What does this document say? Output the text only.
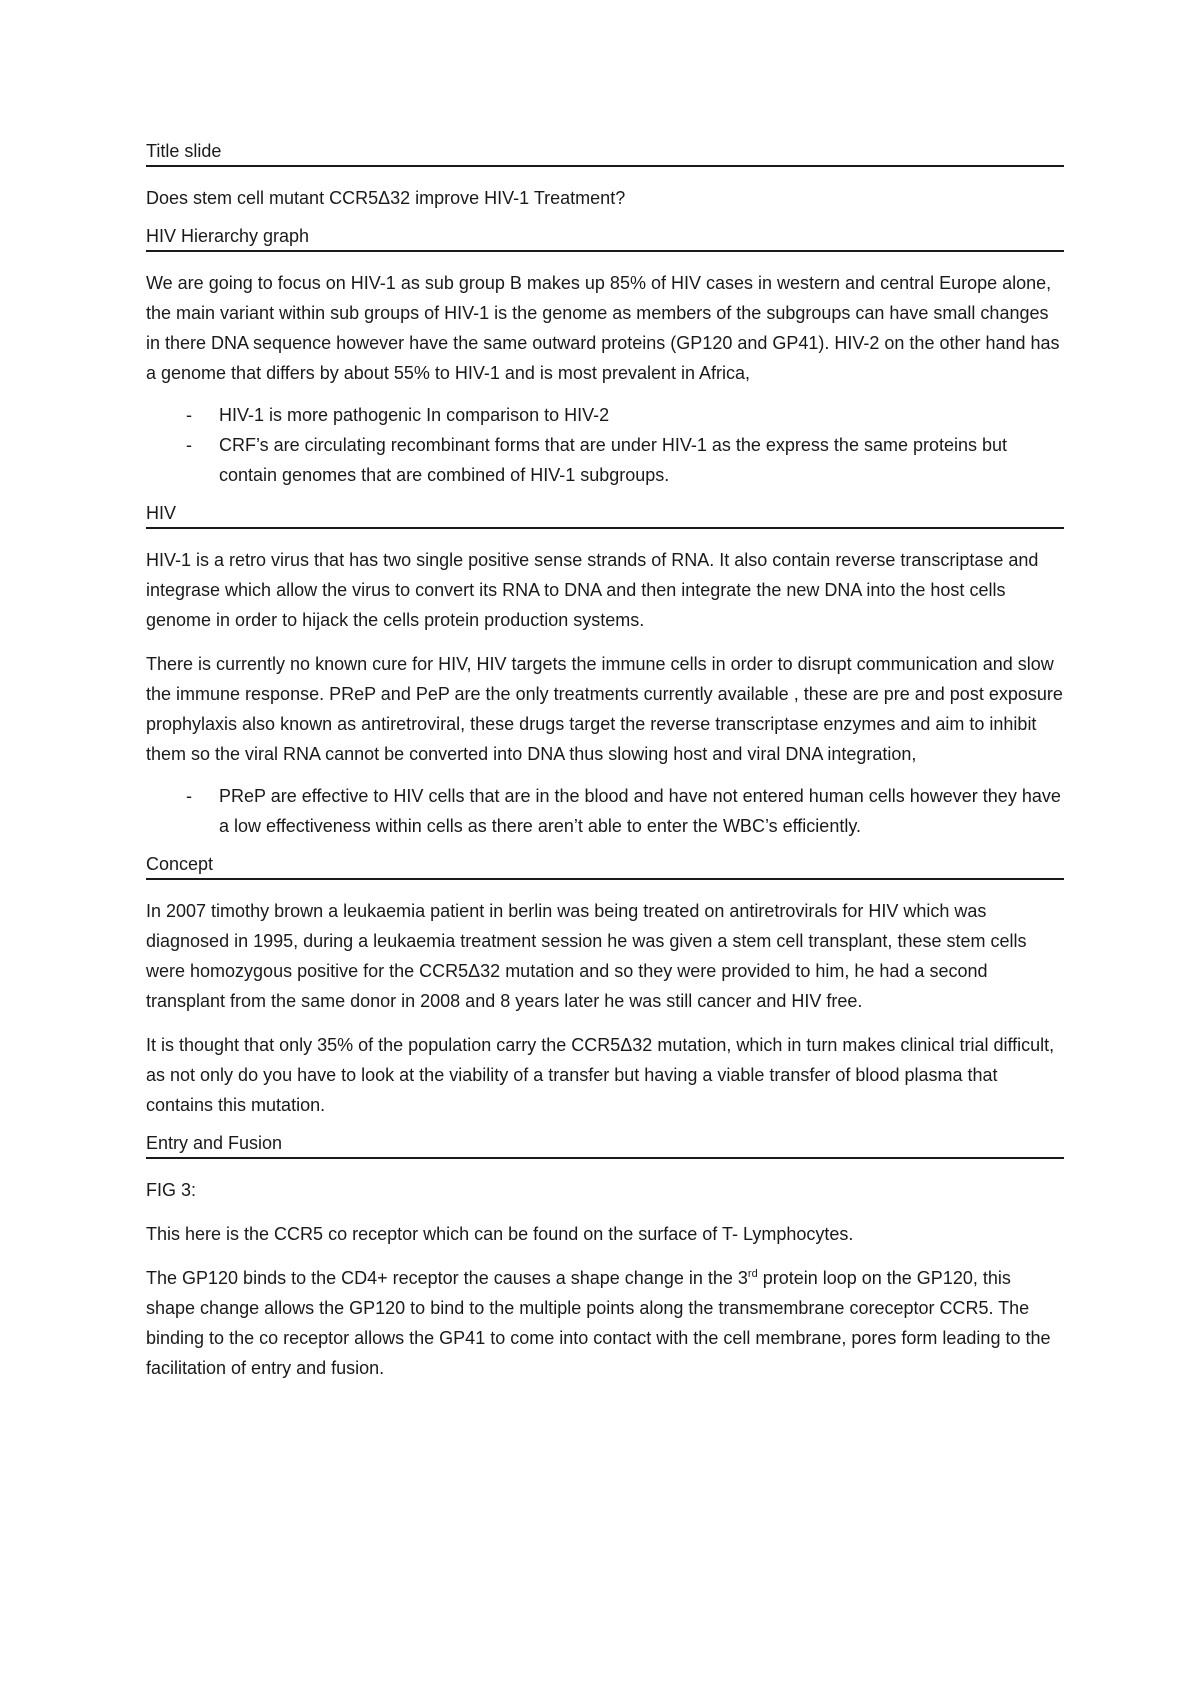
Title slide

Does stem cell mutant CCR5Δ32 improve HIV-1 Treatment?

HIV Hierarchy graph

We are going to focus on HIV-1 as sub group B makes up 85% of HIV cases in western and central Europe alone, the main variant within sub groups of HIV-1 is the genome as members of the subgroups can have small changes in there DNA sequence however have the same outward proteins (GP120 and GP41). HIV-2 on the other hand has a genome that differs by about 55% to HIV-1 and is most prevalent in Africa,

- HIV-1 is more pathogenic In comparison to HIV-2
- CRF’s are circulating recombinant forms that are under HIV-1 as the express the same proteins but contain genomes that are combined of HIV-1 subgroups.
HIV

HIV-1 is a retro virus that has two single positive sense strands of RNA. It also contain reverse transcriptase and integrase which allow the virus to convert its RNA to DNA and then integrate the new DNA into the host cells genome in order to hijack the cells protein production systems.

There is currently no known cure for HIV, HIV targets the immune cells in order to disrupt communication and slow the immune response. PReP and PeP are the only treatments currently available , these are pre and post exposure prophylaxis also known as antiretroviral, these drugs target the reverse transcriptase enzymes and aim to inhibit them so the viral RNA cannot be converted into DNA thus slowing host and viral DNA integration,

- PReP are effective to HIV cells that are in the blood and have not entered human cells however they have a low effectiveness within cells as there aren’t able to enter the WBC’s efficiently.
Concept

In 2007 timothy brown a leukaemia patient in berlin was being treated on antiretrovirals for HIV which was diagnosed in 1995, during a leukaemia treatment session he was given a stem cell transplant, these stem cells were homozygous positive for the CCR5Δ32 mutation and so they were provided to him, he had a second transplant from the same donor in 2008 and 8 years later he was still cancer and HIV free.

It is thought that only 35% of the population carry the CCR5Δ32 mutation, which in turn makes clinical trial difficult, as not only do you have to look at the viability of a transfer but having a viable transfer of blood plasma that contains this mutation.

Entry and Fusion

FIG 3:

This here is the CCR5 co receptor which can be found on the surface of T- Lymphocytes.

The GP120 binds to the CD4+ receptor the causes a shape change in the 3rd protein loop on the GP120, this shape change allows the GP120 to bind to the multiple points along the transmembrane coreceptor CCR5. The binding to the co receptor allows the GP41 to come into contact with the cell membrane, pores form leading to the facilitation of entry and fusion.
